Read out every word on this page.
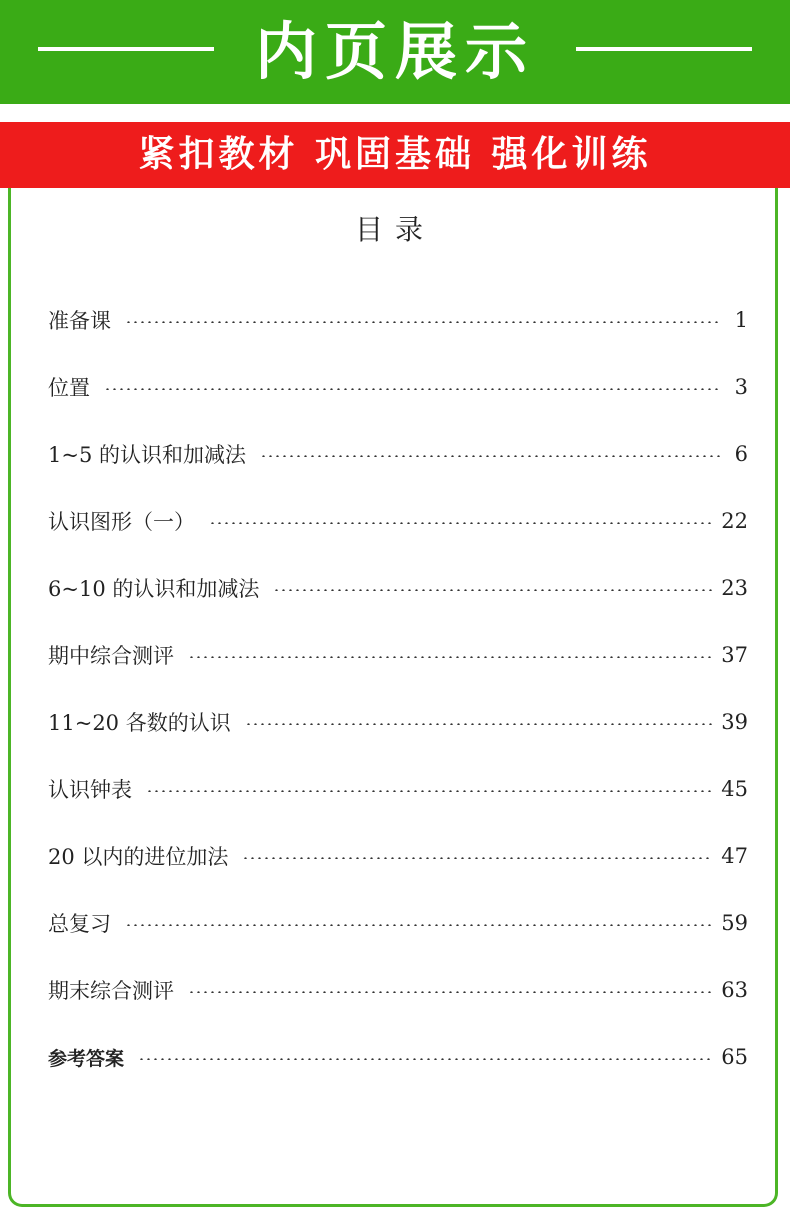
内页展示
紧扣教材 巩固基础 强化训练
目录
准备课	1
位置	3
1~5 的认识和加减法	6
认识图形（一）	22
6~10 的认识和加减法	23
期中综合测评	37
11~20 各数的认识	39
认识钟表	45
20 以内的进位加法	47
总复习	59
期末综合测评	63
参考答案	65
